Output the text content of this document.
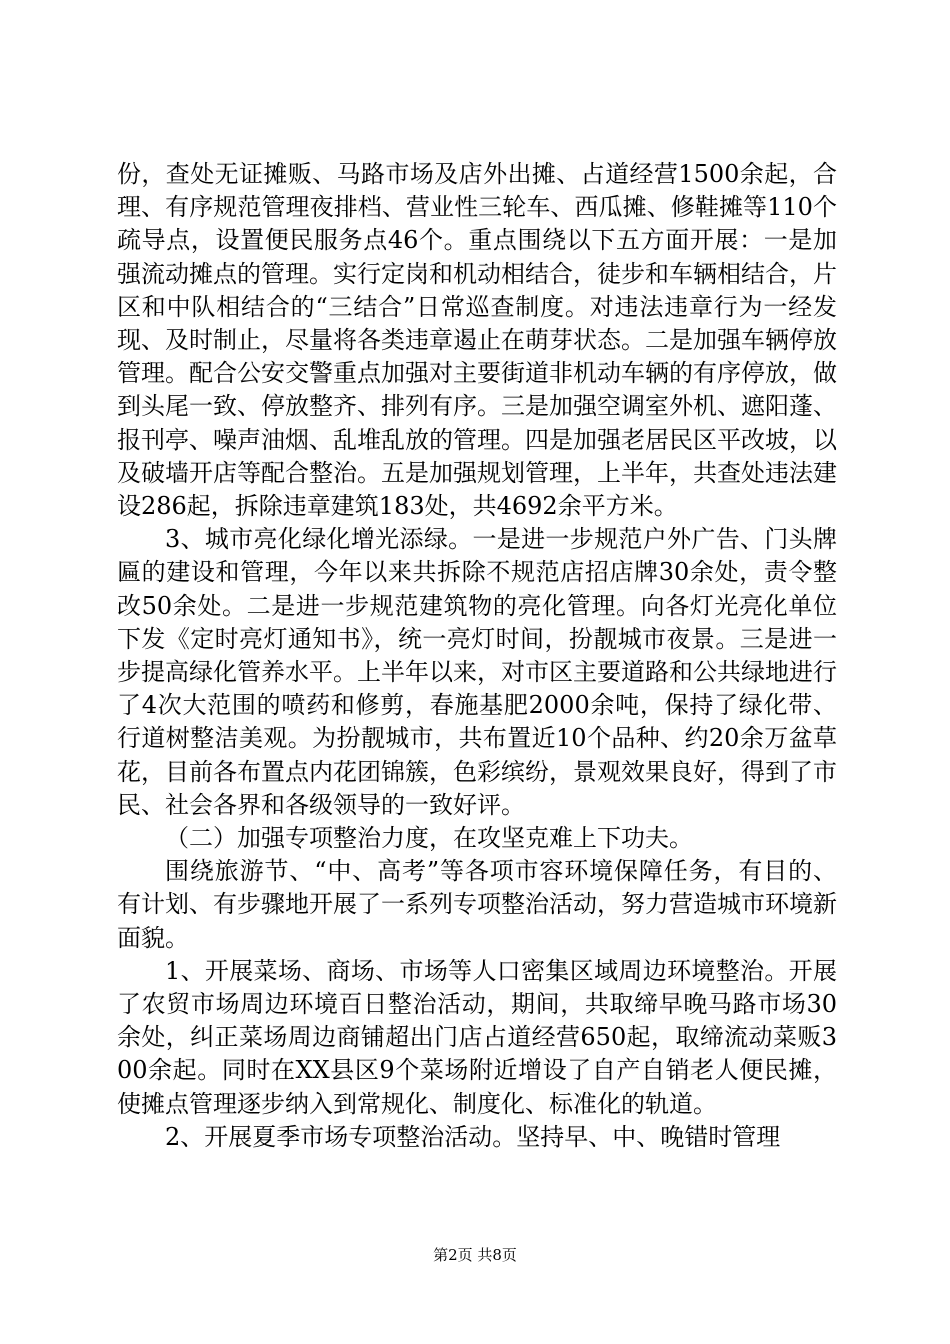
份，查处无证摊贩、马路市场及店外出摊、占道经营1500余起，合理、有序规范管理夜排档、营业性三轮车、西瓜摊、修鞋摊等110个疏导点，设置便民服务点46个。重点围绕以下五方面开展：一是加强流动摊点的管理。实行定岗和机动相结合，徒步和车辆相结合，片区和中队相结合的“三结合”日常巡查制度。对违法违章行为一经发现、及时制止，尽量将各类违章遏止在萌芽状态。二是加强车辆停放管理。配合公安交警重点加强对主要街道非机动车辆的有序停放，做到头尾一致、停放整齐、排列有序。三是加强空调室外机、遮阳蓬、报刊亭、噪声油烟、乱堆乱放的管理。四是加强老居民区平改坡，以及破墙开店等配合整治。五是加强规划管理，上半年，共查处违法建设286起，拆除违章建筑183处，共4692余平方米。

3、城市亮化绿化增光添绿。一是进一步规范户外广告、门头牌匾的建设和管理，今年以来共拆除不规范店招店牌30余处，责令整改50余处。二是进一步规范建筑物的亮化管理。向各灯光亮化单位下发《定时亮灯通知书》，统一亮灯时间，扮靓城市夜景。三是进一步提高绿化管养水平。上半年以来，对市区主要道路和公共绿地进行了4次大范围的喷药和修剪，春施基肥2000余吨，保持了绿化带、行道树整洁美观。为扮靓城市，共布置近10个品种、约20余万盆草花，目前各布置点内花团锦簇，色彩缤纷，景观效果良好，得到了市民、社会各界和各级领导的一致好评。

（二）加强专项整治力度，在攻坚克难上下功夫。

围绕旅游节、“中、高考”等各项市容环境保障任务，有目的、有计划、有步骤地开展了一系列专项整治活动，努力营造城市环境新面貌。

1、开展菜场、商场、市场等人口密集区域周边环境整治。开展了农贸市场周边环境百日整治活动，期间，共取缔早晚马路市场30余处，纠正菜场周边商铺超出门店占道经营650起，取缔流动菜贩300余起。同时在XX县区9个菜场附近增设了自产自销老人便民摊，使摊点管理逐步纳入到常规化、制度化、标准化的轨道。

2、开展夏季市场专项整治活动。坚持早、中、晚错时管理

第2页 共8页
